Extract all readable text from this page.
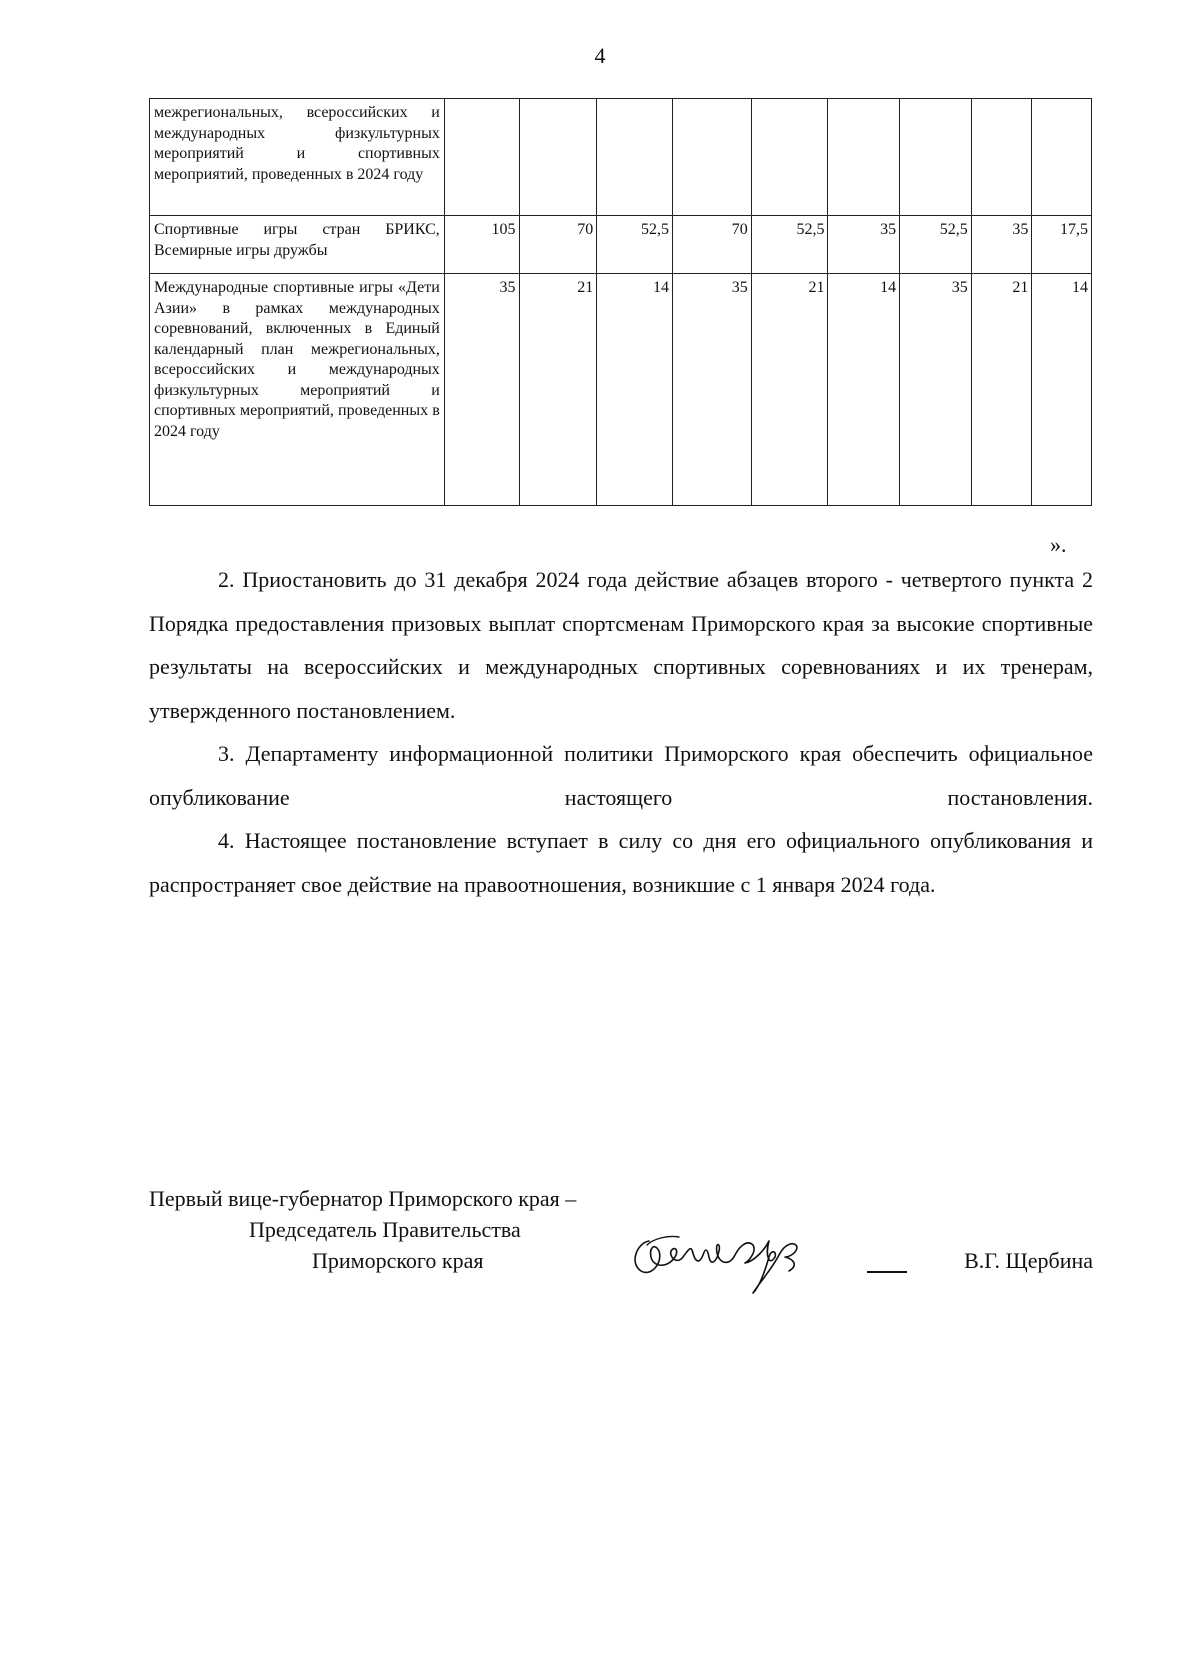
4
межрегиональных, всероссийских и международных физкультурных мероприятий и спортивных мероприятий, проведенных в 2024 году									
Спортивные игры стран БРИКС, Всемирные игры дружбы	105	70	52,5	70	52,5	35	52,5	35	17,5
Международные спортивные игры «Дети Азии» в рамках международных соревнований, включенных в Единый календарный план межрегиональных, всероссийских и международных физкультурных мероприятий и спортивных мероприятий, проведенных в 2024 году	35	21	14	35	21	14	35	21	14
».

2. Приостановить до 31 декабря 2024 года действие абзацев второго - четвертого пункта 2 Порядка предоставления призовых выплат спортсменам Приморского края за высокие спортивные результаты на всероссийских и международных спортивных соревнованиях и их тренерам, утвержденного постановлением.

3. Департаменту информационной политики Приморского края обеспечить официальное опубликование настоящего постановления.

4. Настоящее постановление вступает в силу со дня его официального опубликования и распространяет свое действие на правоотношения, возникшие с 1 января 2024 года.

Первый вице-губернатор Приморского края –
Председатель Правительства
Приморского края	В.Г. Щербина
